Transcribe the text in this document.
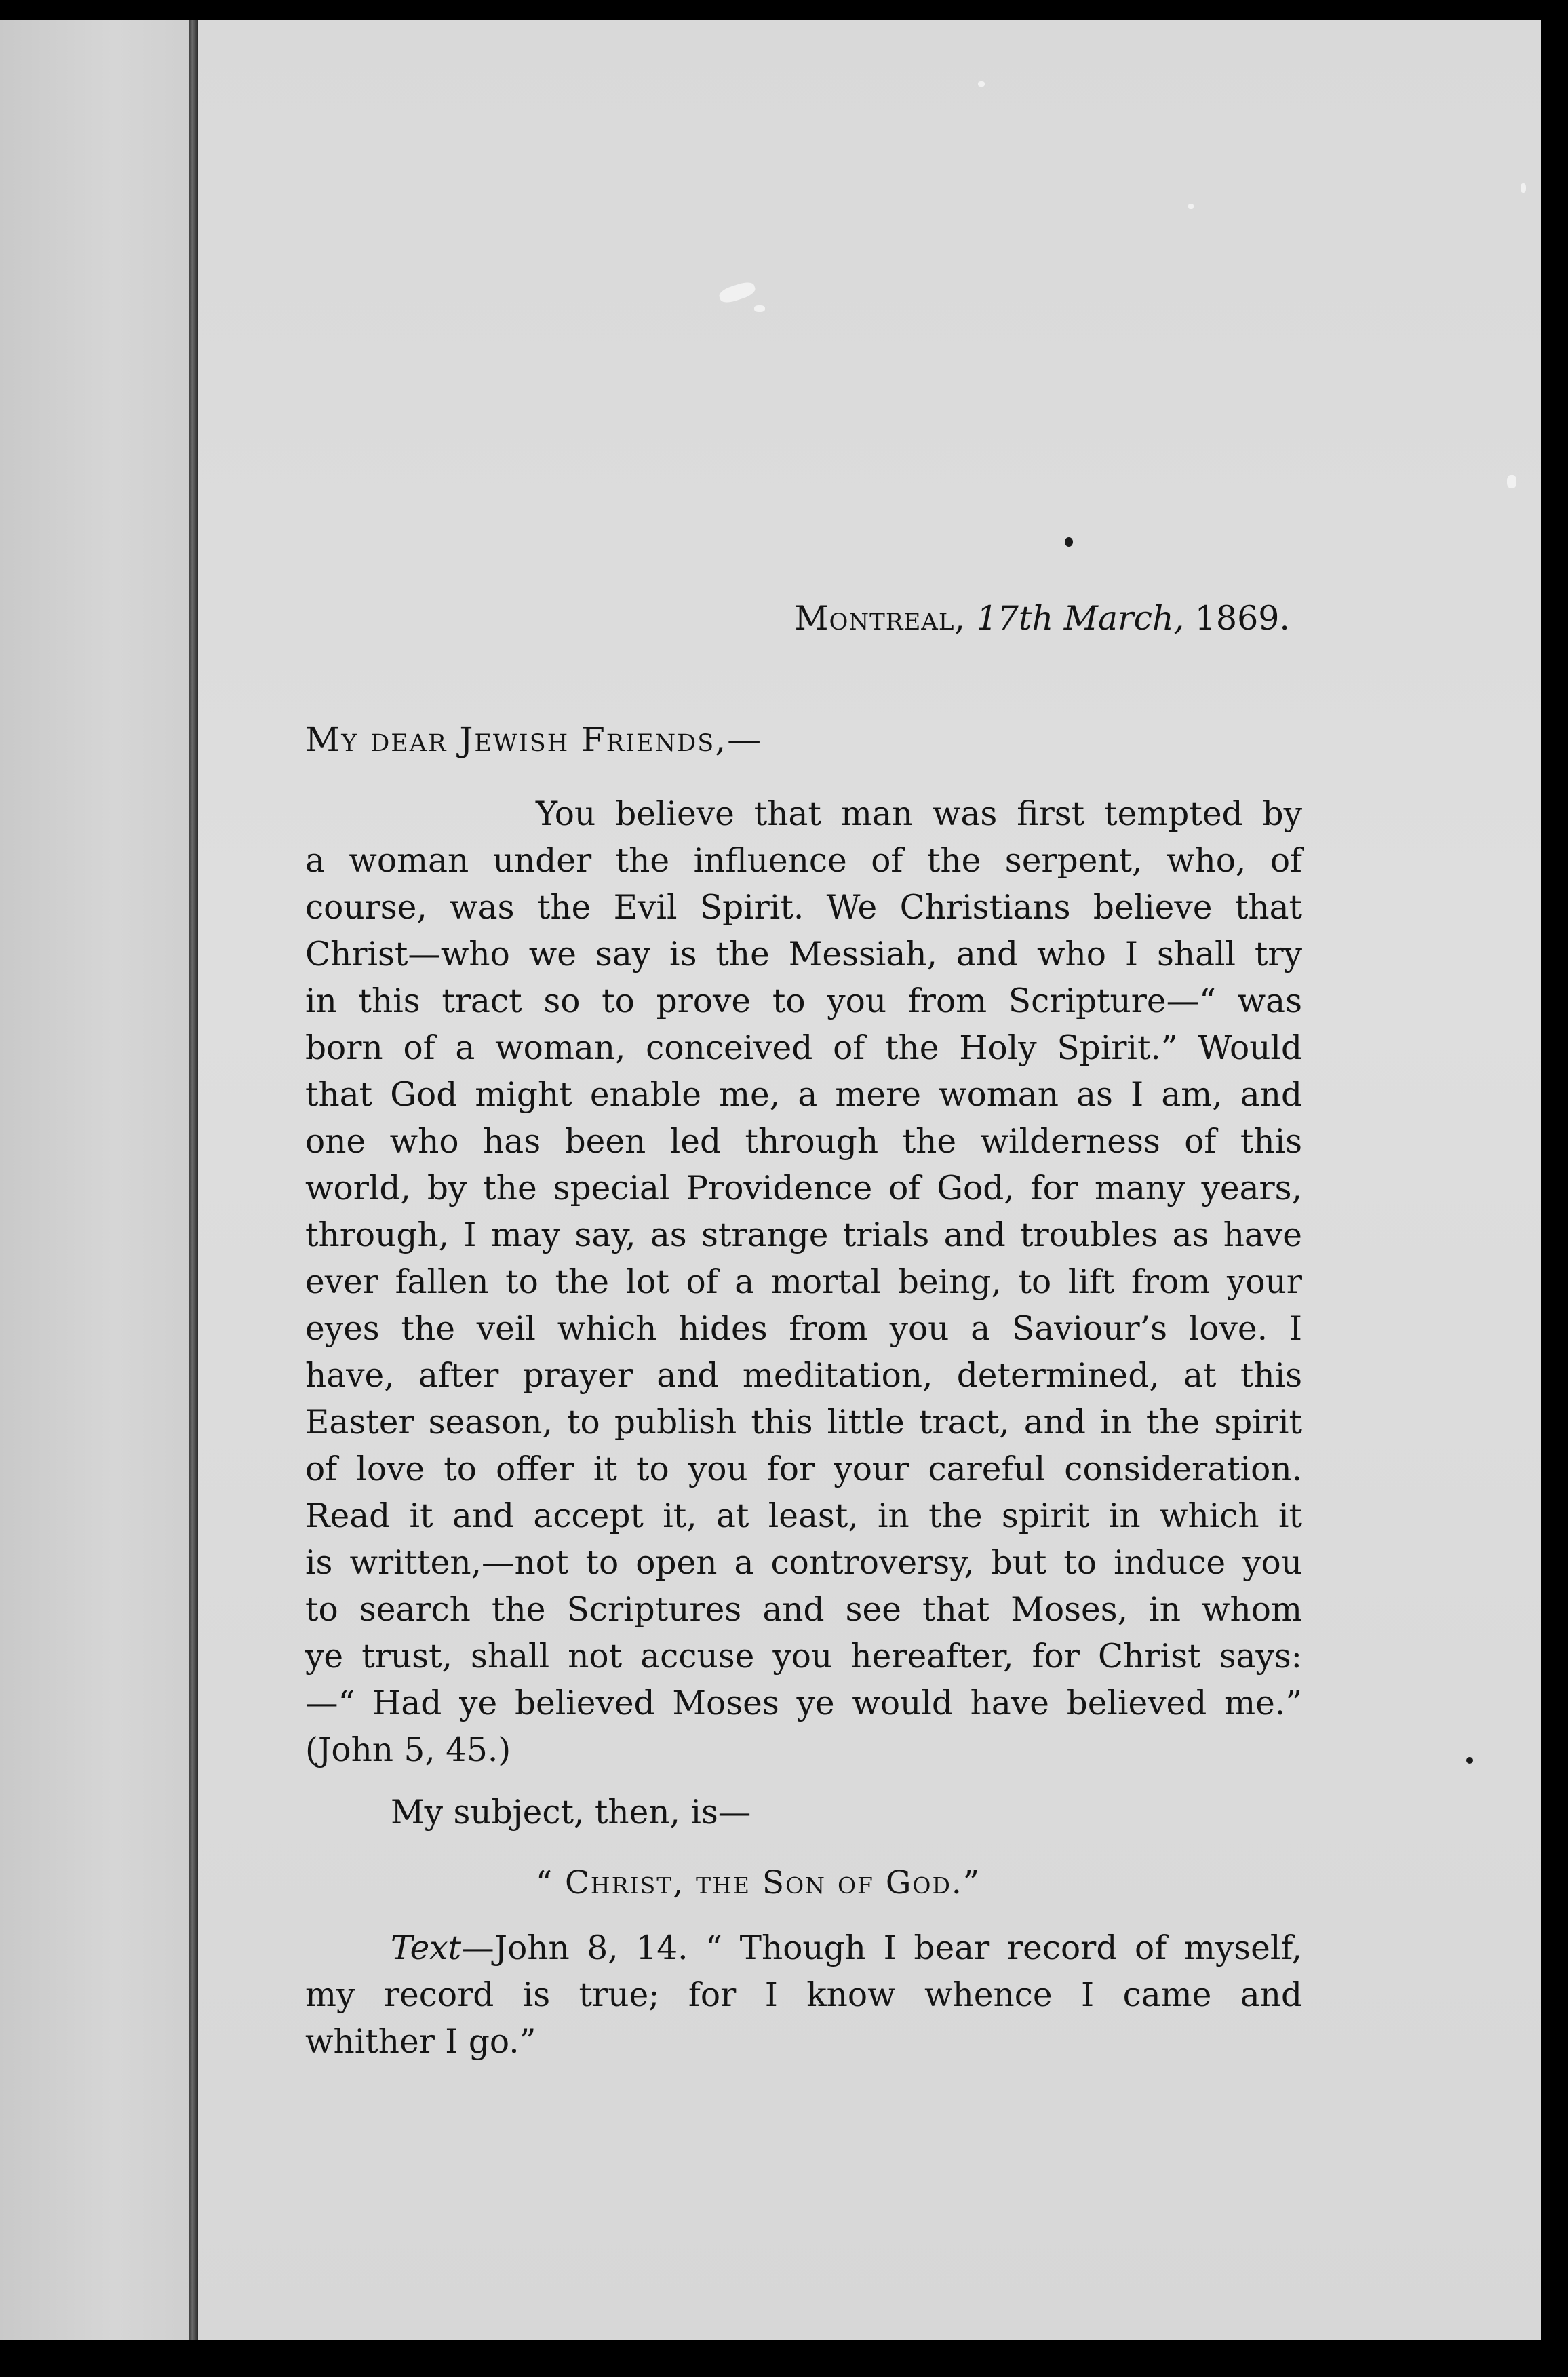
Montreal, 17th March, 1869.
My dear Jewish Friends,—
You believe that man was first tempted by
a woman under the influence of the serpent, who, of
course, was the Evil Spirit. We Christians believe that
Christ—who we say is the Messiah, and who I shall try
in this tract so to prove to you from Scripture—“ was
born of a woman, conceived of the Holy Spirit.” Would
that God might enable me, a mere woman as I am, and
one who has been led through the wilderness of this
world, by the special Providence of God, for many years,
through, I may say, as strange trials and troubles as have
ever fallen to the lot of a mortal being, to lift from your
eyes the veil which hides from you a Saviour’s love. I
have, after prayer and meditation, determined, at this
Easter season, to publish this little tract, and in the spirit
of love to offer it to you for your careful consideration.
Read it and accept it, at least, in the spirit in which it
is written,—not to open a controversy, but to induce you
to search the Scriptures and see that Moses, in whom
ye trust, shall not accuse you hereafter, for Christ says:
—“ Had ye believed Moses ye would have believed me.”
(John 5, 45.)
My subject, then, is—
“ Christ, the Son of God.”
Text—John 8, 14. “ Though I bear record of myself,
my record is true; for I know whence I came and
whither I go.”
